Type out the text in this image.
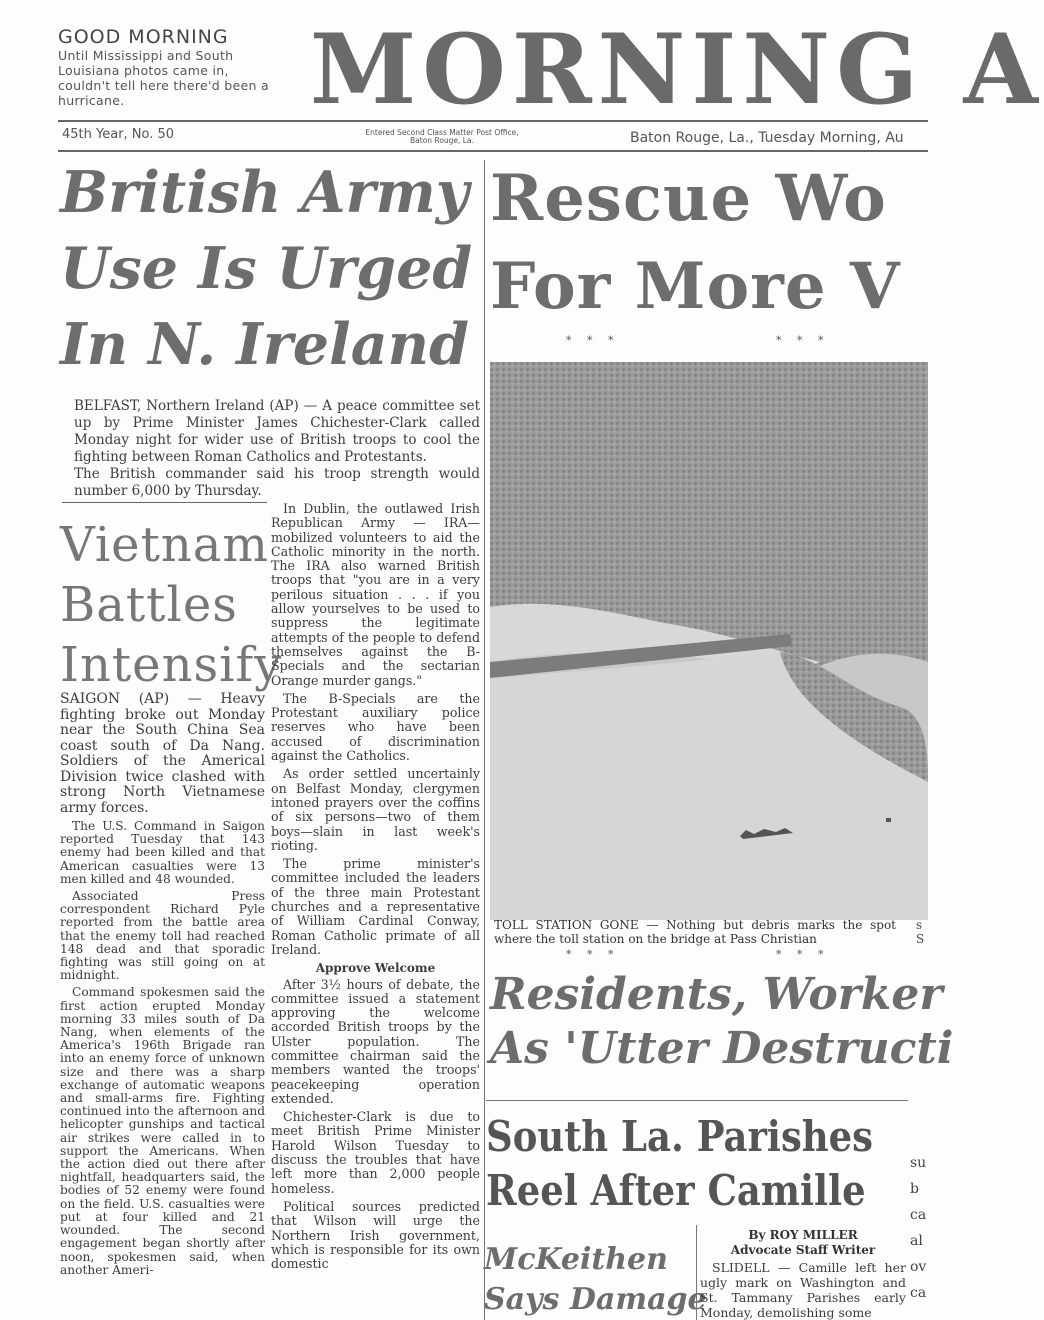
GOOD MORNING
Until Mississippi and South Louisiana photos came in, couldn't tell here there'd been a hurricane.	MORNING A
45th Year, No. 50	Entered Second Class Matter Post Office, Baton Rouge, La.	Baton Rouge, La., Tuesday Morning, Au
British Army
Use Is Urged
In N. Ireland
Rescue Wo
For More V
* * *	* * *

BELFAST, Northern Ireland (AP) — A peace committee set up by Prime Minister James Chichester-Clark called Monday night for wider use of British troops to cool the fighting between Roman Catholics and Protestants.

The British commander said his troop strength would number 6,000 by Thursday.

Vietnam
Battles
Intensify

SAIGON (AP) — Heavy fighting broke out Monday near the South China Sea coast south of Da Nang. Soldiers of the Americal Division twice clashed with strong North Vietnamese army forces.

The U.S. Command in Saigon reported Tuesday that 143 enemy had been killed and that American casualties were 13 men killed and 48 wounded.

Associated Press correspondent Richard Pyle reported from the battle area that the enemy toll had reached 148 dead and that sporadic fighting was still going on at midnight.

Command spokesmen said the first action erupted Monday morning 33 miles south of Da Nang, when elements of the America's 196th Brigade ran into an enemy force of unknown size and there was a sharp exchange of automatic weapons and small-arms fire. Fighting continued into the afternoon and helicopter gunships and tactical air strikes were called in to support the Americans. When the action died out there after nightfall, headquarters said, the bodies of 52 enemy were found on the field. U.S. casualties were put at four killed and 21 wounded. The second engagement began shortly after noon, spokesmen said, when another Ameri-

In Dublin, the outlawed Irish Republican Army — IRA—mobilized volunteers to aid the Catholic minority in the north. The IRA also warned British troops that "you are in a very perilous situation . . . if you allow yourselves to be used to suppress the legitimate attempts of the people to defend themselves against the B-Specials and the sectarian Orange murder gangs."

The B-Specials are the Protestant auxiliary police reserves who have been accused of discrimination against the Catholics.

As order settled uncertainly on Belfast Monday, clergymen intoned prayers over the coffins of six persons—two of them boys—slain in last week's rioting.

The prime minister's committee included the leaders of the three main Protestant churches and a representative of William Cardinal Conway, Roman Catholic primate of all Ireland.

Approve Welcome

After 3½ hours of debate, the committee issued a statement approving the welcome accorded British troops by the Ulster population. The committee chairman said the members wanted the troops' peacekeeping operation extended.

Chichester-Clark is due to meet British Prime Minister Harold Wilson Tuesday to discuss the troubles that have left more than 2,000 people homeless.

Political sources predicted that Wilson will urge the Northern Irish government, which is responsible for its own domestic

TOLL STATION GONE — Nothing but debris marks the spot where the toll station on the bridge at Pass Christian
* * *	* * *
s
S
Residents, Worker
As 'Utter Destructi
South La. Parishes
Reel After Camille
McKeithen
Says Damage
By ROY MILLER
Advocate Staff Writer

SLIDELL — Camille left her ugly mark on Washington and St. Tammany Parishes early Monday, demolishing some

su
b
ca
al
ov
ca
